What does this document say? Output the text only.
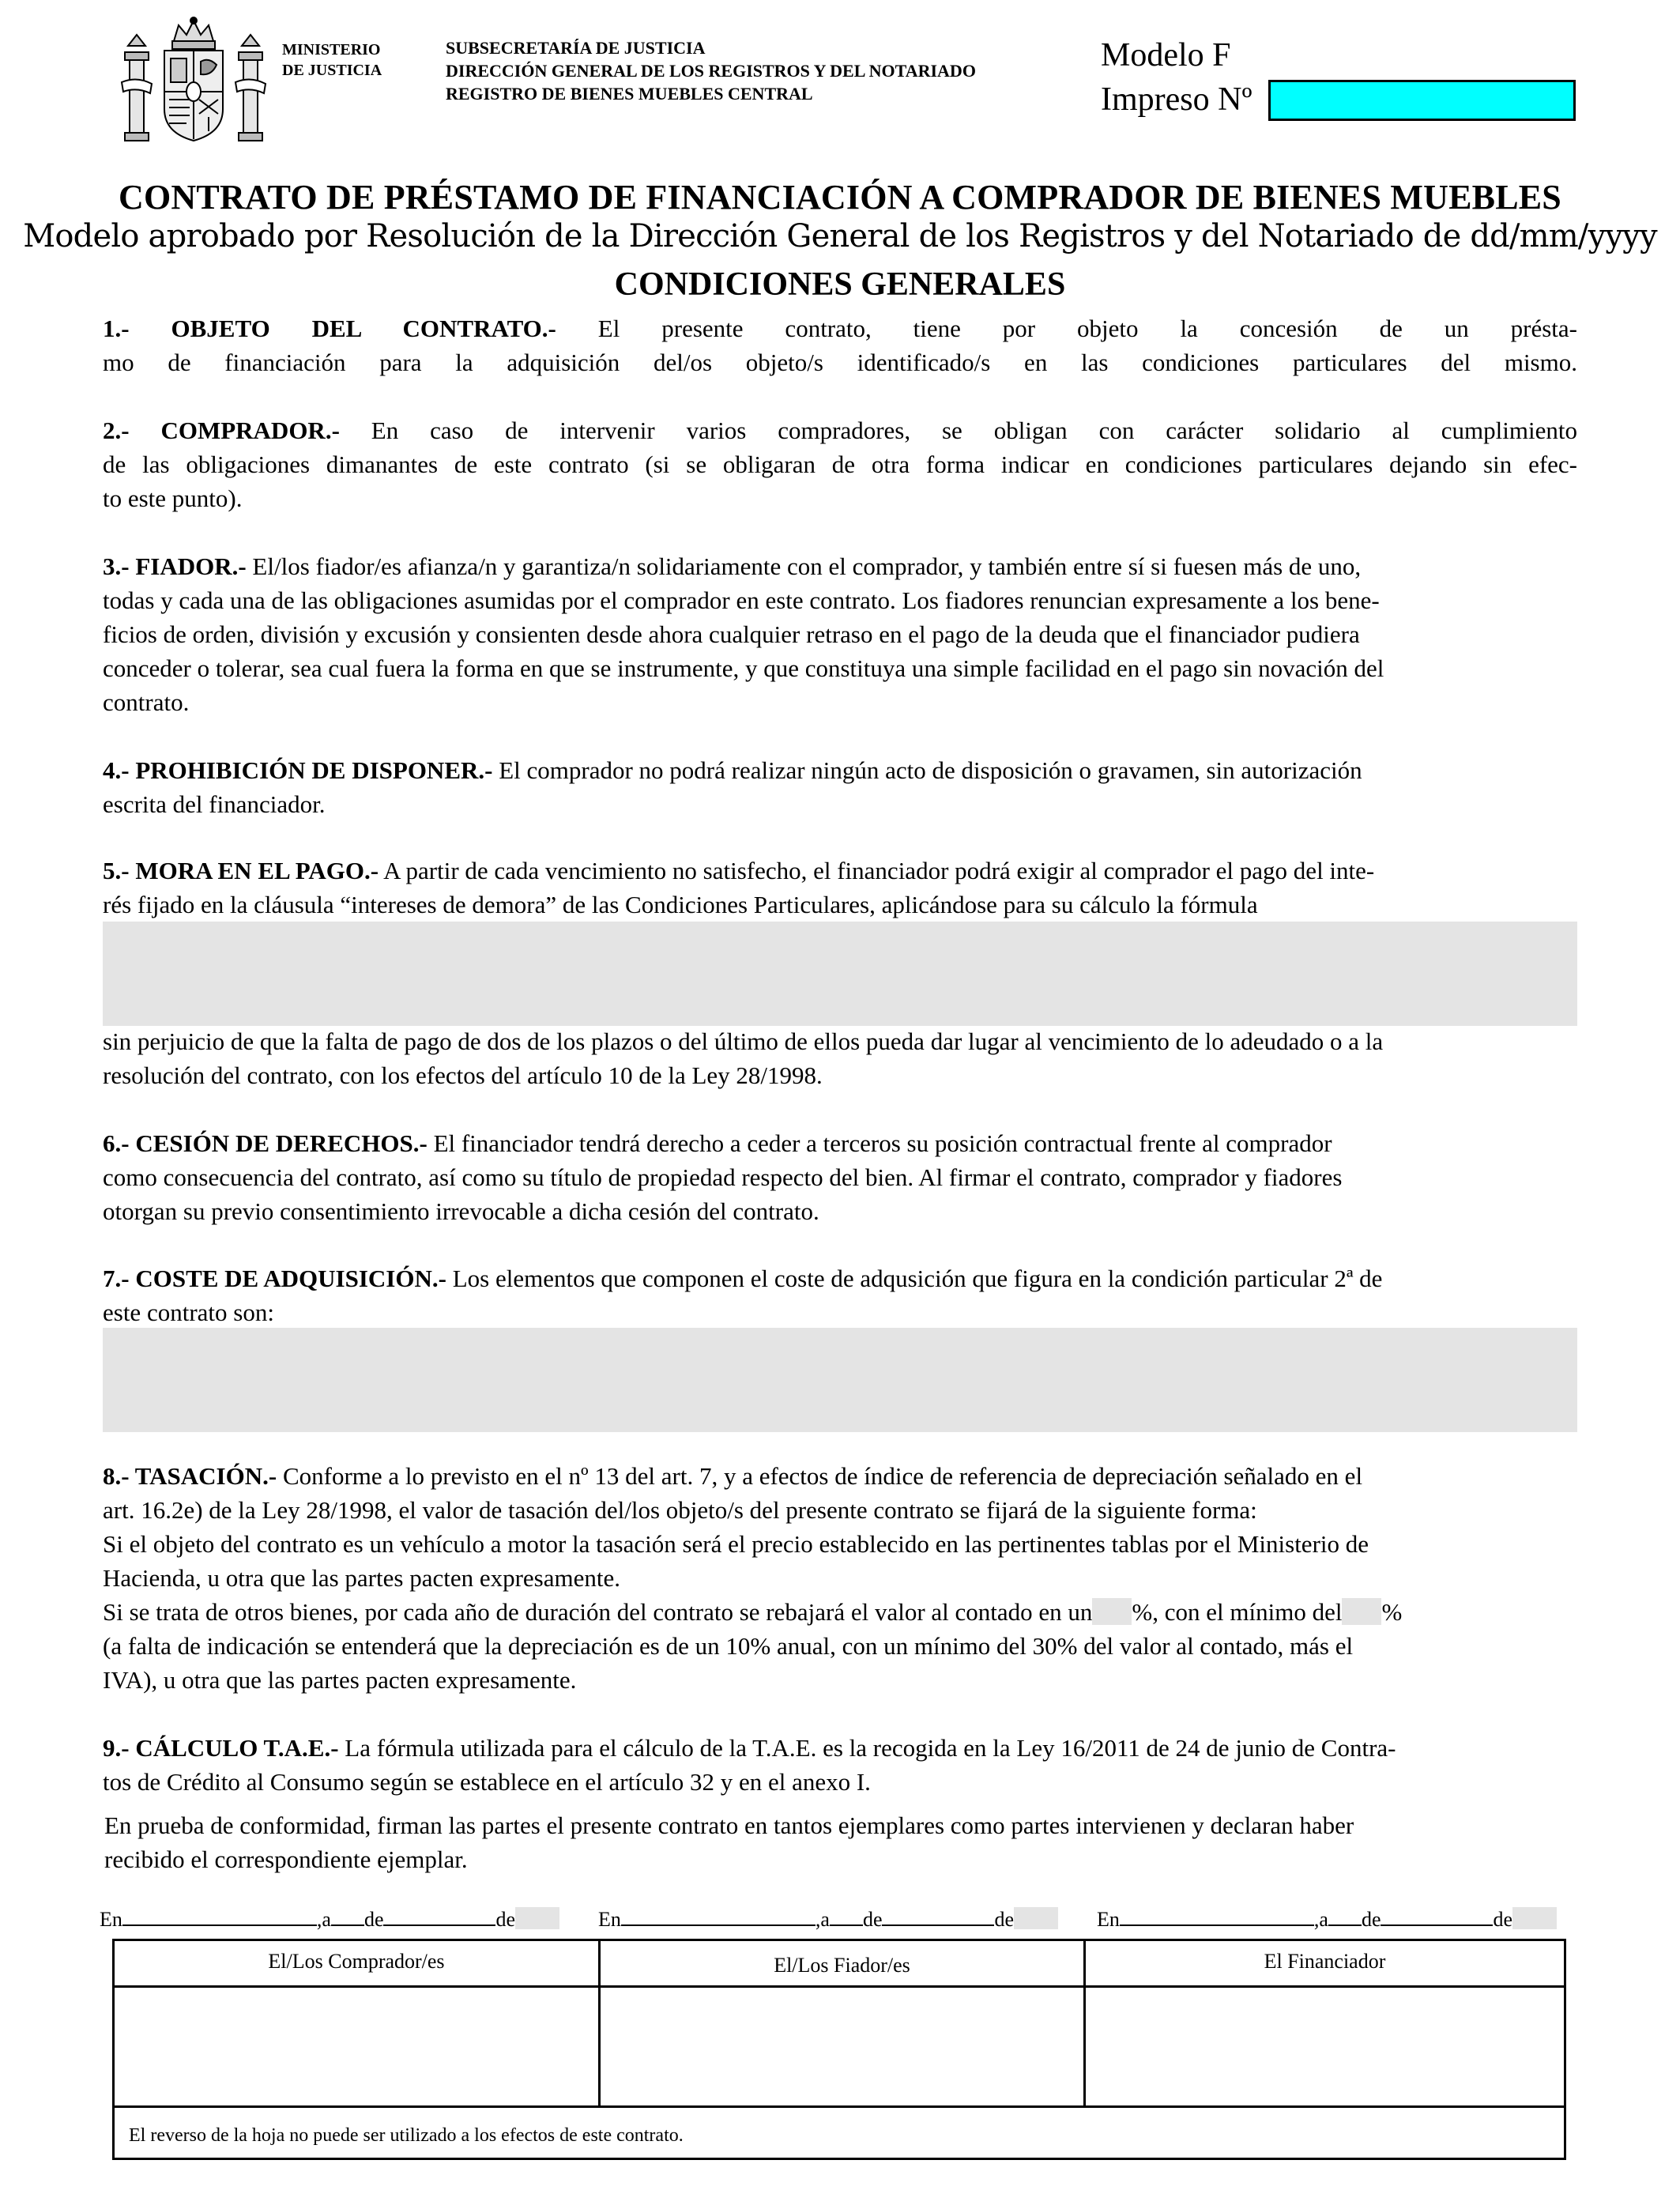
MINISTERIO
DE JUSTICIA
SUBSECRETARÍA DE JUSTICIA
DIRECCIÓN GENERAL DE LOS REGISTROS Y DEL NOTARIADO
REGISTRO DE BIENES MUEBLES CENTRAL
Modelo F
Impreso Nº
CONTRATO DE PRÉSTAMO DE FINANCIACIÓN A COMPRADOR DE BIENES MUEBLES
Modelo aprobado por Resolución de la Dirección General de los Registros y del Notariado de dd/mm/yyyy
CONDICIONES GENERALES
1.- OBJETO DEL CONTRATO.- El presente contrato, tiene por objeto la concesión de un présta-
mo de financiación para la adquisición del/os objeto/s identificado/s en las condiciones particulares del mismo.
2.- COMPRADOR.- En caso de intervenir varios compradores, se obligan con carácter solidario al cumplimiento
de las obligaciones dimanantes de este contrato (si se obligaran de otra forma indicar en condiciones particulares dejando sin efec-
to este punto).
3.- FIADOR.- El/los fiador/es afianza/n y garantiza/n solidariamente con el comprador, y también entre sí si fuesen más de uno,
todas y cada una de las obligaciones asumidas por el comprador en este contrato. Los fiadores renuncian expresamente a los bene-
ficios de orden, división y excusión y consienten desde ahora cualquier retraso en el pago de la deuda que el financiador pudiera
conceder o tolerar, sea cual fuera la forma en que se instrumente, y que constituya una simple facilidad en el pago sin novación del
contrato.
4.- PROHIBICIÓN DE DISPONER.- El comprador no podrá realizar ningún acto de disposición o gravamen, sin autorización
escrita del financiador.
5.- MORA EN EL PAGO.- A partir de cada vencimiento no satisfecho, el financiador podrá exigir al comprador el pago del inte-
rés fijado en la cláusula “intereses de demora” de las Condiciones Particulares, aplicándose para su cálculo la fórmula
sin perjuicio de que la falta de pago de dos de los plazos o del último de ellos pueda dar lugar al vencimiento de lo adeudado o a la
resolución del contrato, con los efectos del artículo 10 de la Ley 28/1998.
6.- CESIÓN DE DERECHOS.- El financiador tendrá derecho a ceder a terceros su posición contractual frente al comprador
como consecuencia del contrato, así como su título de propiedad respecto del bien. Al firmar el contrato, comprador y fiadores
otorgan su previo consentimiento irrevocable a dicha cesión del contrato.
7.- COSTE DE ADQUISICIÓN.- Los elementos que componen el coste de adqusición que figura en la condición particular 2ª de
este contrato son:
8.- TASACIÓN.- Conforme a lo previsto en el nº 13 del art. 7, y a efectos de índice de referencia de depreciación señalado en el
art. 16.2e) de la Ley 28/1998, el valor de tasación del/los objeto/s del presente contrato se fijará de la siguiente forma:
Si el objeto del contrato es un vehículo a motor la tasación será el precio establecido en las pertinentes tablas por el Ministerio de
Hacienda, u otra que las partes pacten expresamente.
Si se trata de otros bienes, por cada año de duración del contrato se rebajará el valor al contado en un %, con el mínimo del %
(a falta de indicación se entenderá que la depreciación es de un 10% anual, con un mínimo del 30% del valor al contado, más el
IVA), u otra que las partes pacten expresamente.
9.- CÁLCULO T.A.E.- La fórmula utilizada para el cálculo de la T.A.E. es la recogida en la Ley 16/2011 de 24 de junio de Contra-
tos de Crédito al Consumo según se establece en el artículo 32 y en el anexo I.
En prueba de conformidad, firman las partes el presente contrato en tantos ejemplares como partes intervienen y declaran haber
recibido el correspondiente ejemplar.
En	,a de	de	En	,a de	de	En	,a de	de
El/Los Comprador/es	El/Los Fiador/es	El Financiador
El reverso de la hoja no puede ser utilizado a los efectos de este contrato.
